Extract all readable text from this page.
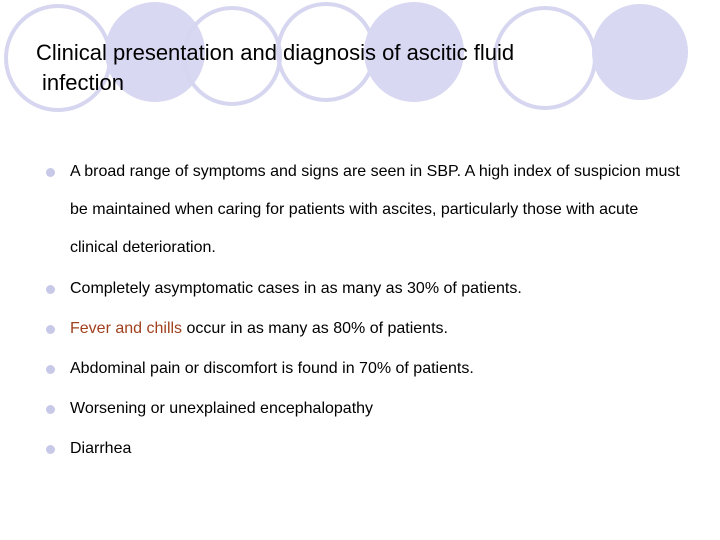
Clinical presentation and diagnosis of ascitic fluid
infection
A broad range of symptoms and signs are seen in SBP. A high index of suspicion must be maintained when caring for patients with ascites, particularly those with acute clinical deterioration.
Completely asymptomatic cases in as many as 30% of patients.
Fever and chills occur in as many as 80% of patients.
Abdominal pain or discomfort is found in 70% of patients.
Worsening or unexplained encephalopathy
Diarrhea
